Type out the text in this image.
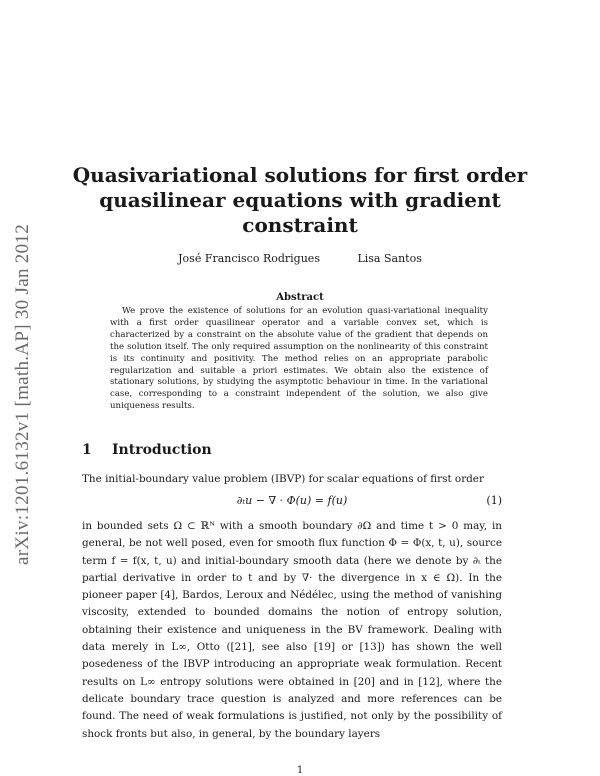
arXiv:1201.6132v1 [math.AP] 30 Jan 2012
Quasivariational solutions for first order quasilinear equations with gradient constraint
José Francisco Rodrigues	Lisa Santos
Abstract

We prove the existence of solutions for an evolution quasi-variational inequality with a first order quasilinear operator and a variable convex set, which is characterized by a constraint on the absolute value of the gradient that depends on the solution itself. The only required assumption on the nonlinearity of this constraint is its continuity and positivity. The method relies on an appropriate parabolic regularization and suitable a priori estimates. We obtain also the existence of stationary solutions, by studying the asymptotic behaviour in time. In the variational case, corresponding to a constraint independent of the solution, we also give uniqueness results.

1 Introduction

The initial-boundary value problem (IBVP) for scalar equations of first order

∂ₜu − ∇ · Φ(u) = f(u)	(1)

in bounded sets Ω ⊂ ℝᴺ with a smooth boundary ∂Ω and time t > 0 may, in general, be not well posed, even for smooth flux function Φ = Φ(x, t, u), source term f = f(x, t, u) and initial-boundary smooth data (here we denote by ∂ₜ the partial derivative in order to t and by ∇· the divergence in x ∈ Ω). In the pioneer paper [4], Bardos, Leroux and Nédélec, using the method of vanishing viscosity, extended to bounded domains the notion of entropy solution, obtaining their existence and uniqueness in the BV framework. Dealing with data merely in L∞, Otto ([21], see also [19] or [13]) has shown the well posedeness of the IBVP introducing an appropriate weak formulation. Recent results on L∞ entropy solutions were obtained in [20] and in [12], where the delicate boundary trace question is analyzed and more references can be found. The need of weak formulations is justified, not only by the possibility of shock fronts but also, in general, by the boundary layers

1
